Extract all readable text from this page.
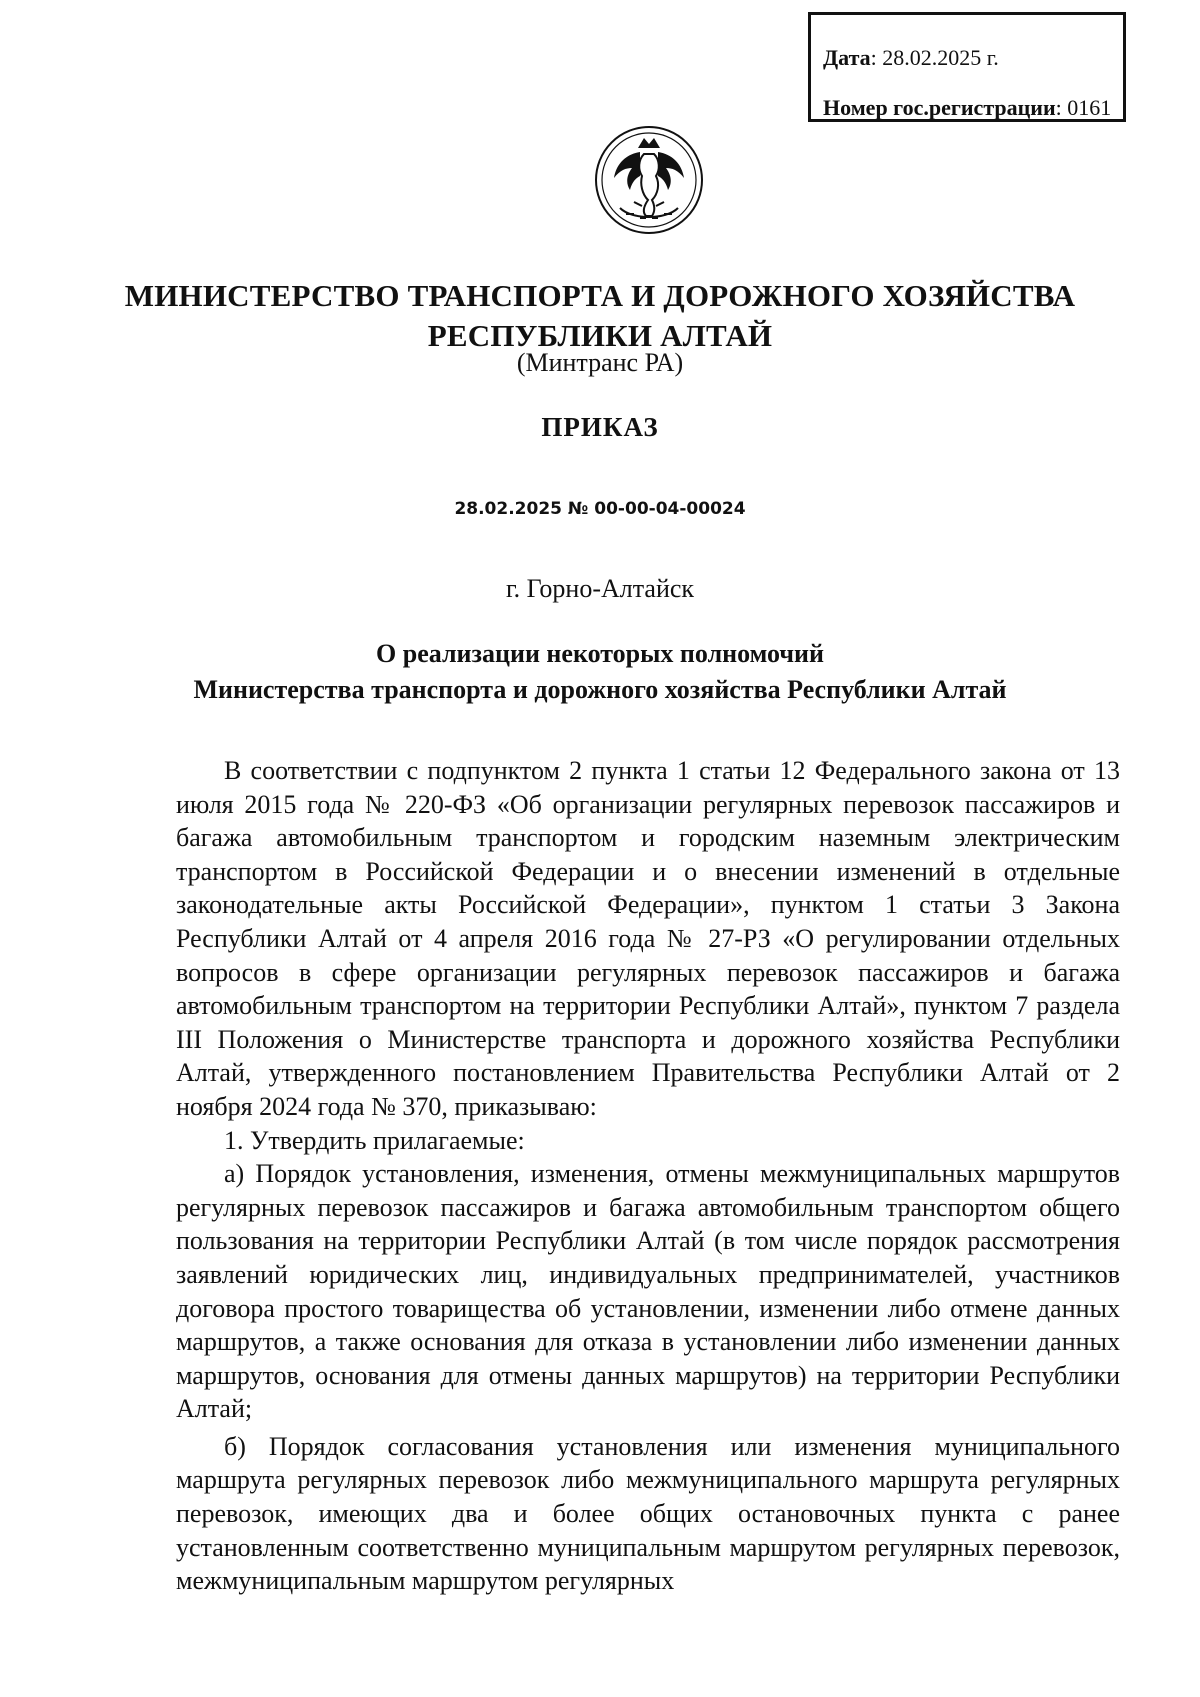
Дата: 28.02.2025 г.
Номер гос.регистрации: 0161
МИНИСТЕРСТВО ТРАНСПОРТА И ДОРОЖНОГО ХОЗЯЙСТВА
РЕСПУБЛИКИ АЛТАЙ
(Минтранс РА)
ПРИКАЗ
28.02.2025 № 00-00-04-00024
г. Горно-Алтайск
О реализации некоторых полномочий
Министерства транспорта и дорожного хозяйства Республики Алтай

В соответствии с подпунктом 2 пункта 1 статьи 12 Федерального закона от 13 июля 2015 года № 220-ФЗ «Об организации регулярных перевозок пассажиров и багажа автомобильным транспортом и городским наземным электрическим транспортом в Российской Федерации и о внесении изменений в отдельные законодательные акты Российской Федерации», пунктом 1 статьи 3 Закона Республики Алтай от 4 апреля 2016 года № 27-РЗ «О регулировании отдельных вопросов в сфере организации регулярных перевозок пассажиров и багажа автомобильным транспортом на территории Республики Алтай», пунктом 7 раздела III Положения о Министерстве транспорта и дорожного хозяйства Республики Алтай, утвержденного постановлением Правительства Республики Алтай от 2 ноября 2024 года № 370, приказываю:

1. Утвердить прилагаемые:

а) Порядок установления, изменения, отмены межмуниципальных маршрутов регулярных перевозок пассажиров и багажа автомобильным транспортом общего пользования на территории Республики Алтай (в том числе порядок рассмотрения заявлений юридических лиц, индивидуальных предпринимателей, участников договора простого товарищества об установлении, изменении либо отмене данных маршрутов, а также основания для отказа в установлении либо изменении данных маршрутов, основания для отмены данных маршрутов) на территории Республики Алтай;

б) Порядок согласования установления или изменения муниципального маршрута регулярных перевозок либо межмуниципального маршрута регулярных перевозок, имеющих два и более общих остановочных пункта с ранее установленным соответственно муниципальным маршрутом регулярных перевозок, межмуниципальным маршрутом регулярных
